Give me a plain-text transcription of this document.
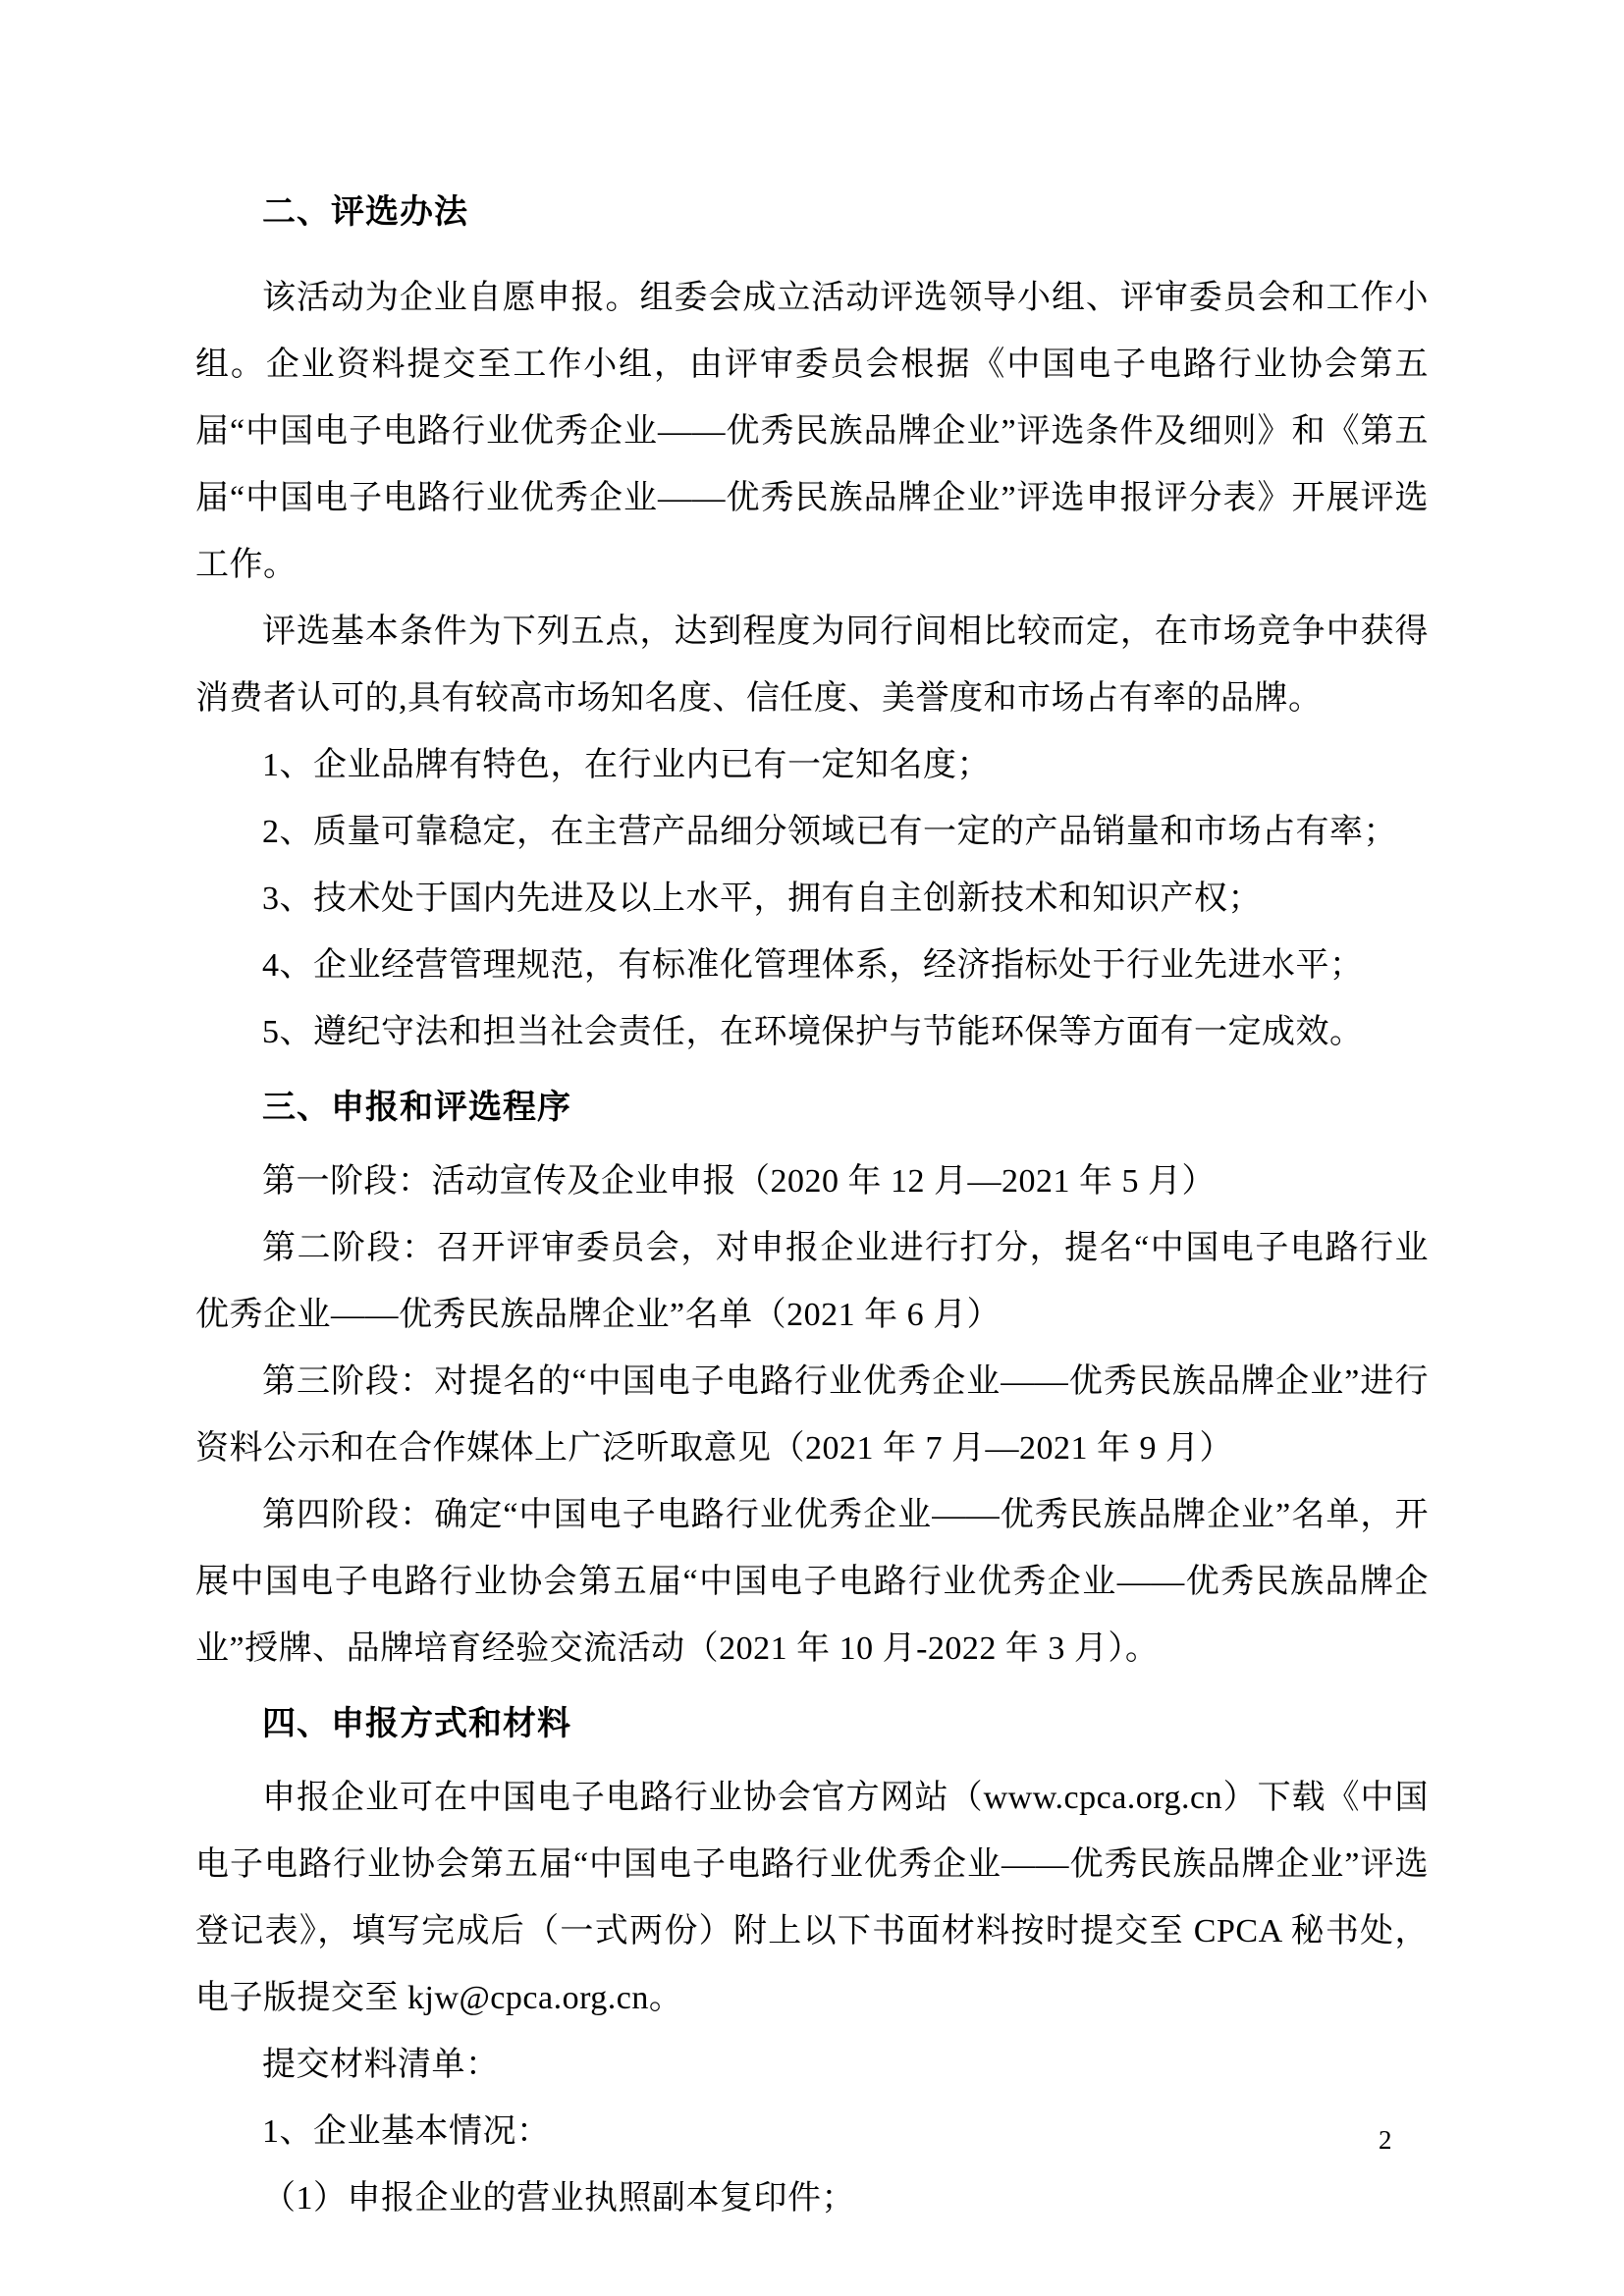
二、评选办法

该活动为企业自愿申报。组委会成立活动评选领导小组、评审委员会和工作小组。企业资料提交至工作小组，由评审委员会根据《中国电子电路行业协会第五届“中国电子电路行业优秀企业——优秀民族品牌企业”评选条件及细则》和《第五届“中国电子电路行业优秀企业——优秀民族品牌企业”评选申报评分表》开展评选工作。

评选基本条件为下列五点，达到程度为同行间相比较而定，在市场竞争中获得消费者认可的,具有较高市场知名度、信任度、美誉度和市场占有率的品牌。

1、企业品牌有特色，在行业内已有一定知名度；

2、质量可靠稳定，在主营产品细分领域已有一定的产品销量和市场占有率；

3、技术处于国内先进及以上水平，拥有自主创新技术和知识产权；

4、企业经营管理规范，有标准化管理体系，经济指标处于行业先进水平；

5、遵纪守法和担当社会责任，在环境保护与节能环保等方面有一定成效。

三、申报和评选程序

第一阶段：活动宣传及企业申报（2020 年 12 月—2021 年 5 月）

第二阶段：召开评审委员会，对申报企业进行打分，提名“中国电子电路行业优秀企业——优秀民族品牌企业”名单（2021 年 6 月）

第三阶段：对提名的“中国电子电路行业优秀企业——优秀民族品牌企业”进行资料公示和在合作媒体上广泛听取意见（2021 年 7 月—2021 年 9 月）

第四阶段：确定“中国电子电路行业优秀企业——优秀民族品牌企业”名单，开展中国电子电路行业协会第五届“中国电子电路行业优秀企业——优秀民族品牌企业”授牌、品牌培育经验交流活动（2021 年 10 月-2022 年 3 月）。

四、申报方式和材料

申报企业可在中国电子电路行业协会官方网站（www.cpca.org.cn）下载《中国电子电路行业协会第五届“中国电子电路行业优秀企业——优秀民族品牌企业”评选登记表》，填写完成后（一式两份）附上以下书面材料按时提交至 CPCA 秘书处，电子版提交至 kjw@cpca.org.cn。

提交材料清单：

1、企业基本情况：

（1）申报企业的营业执照副本复印件；

2
